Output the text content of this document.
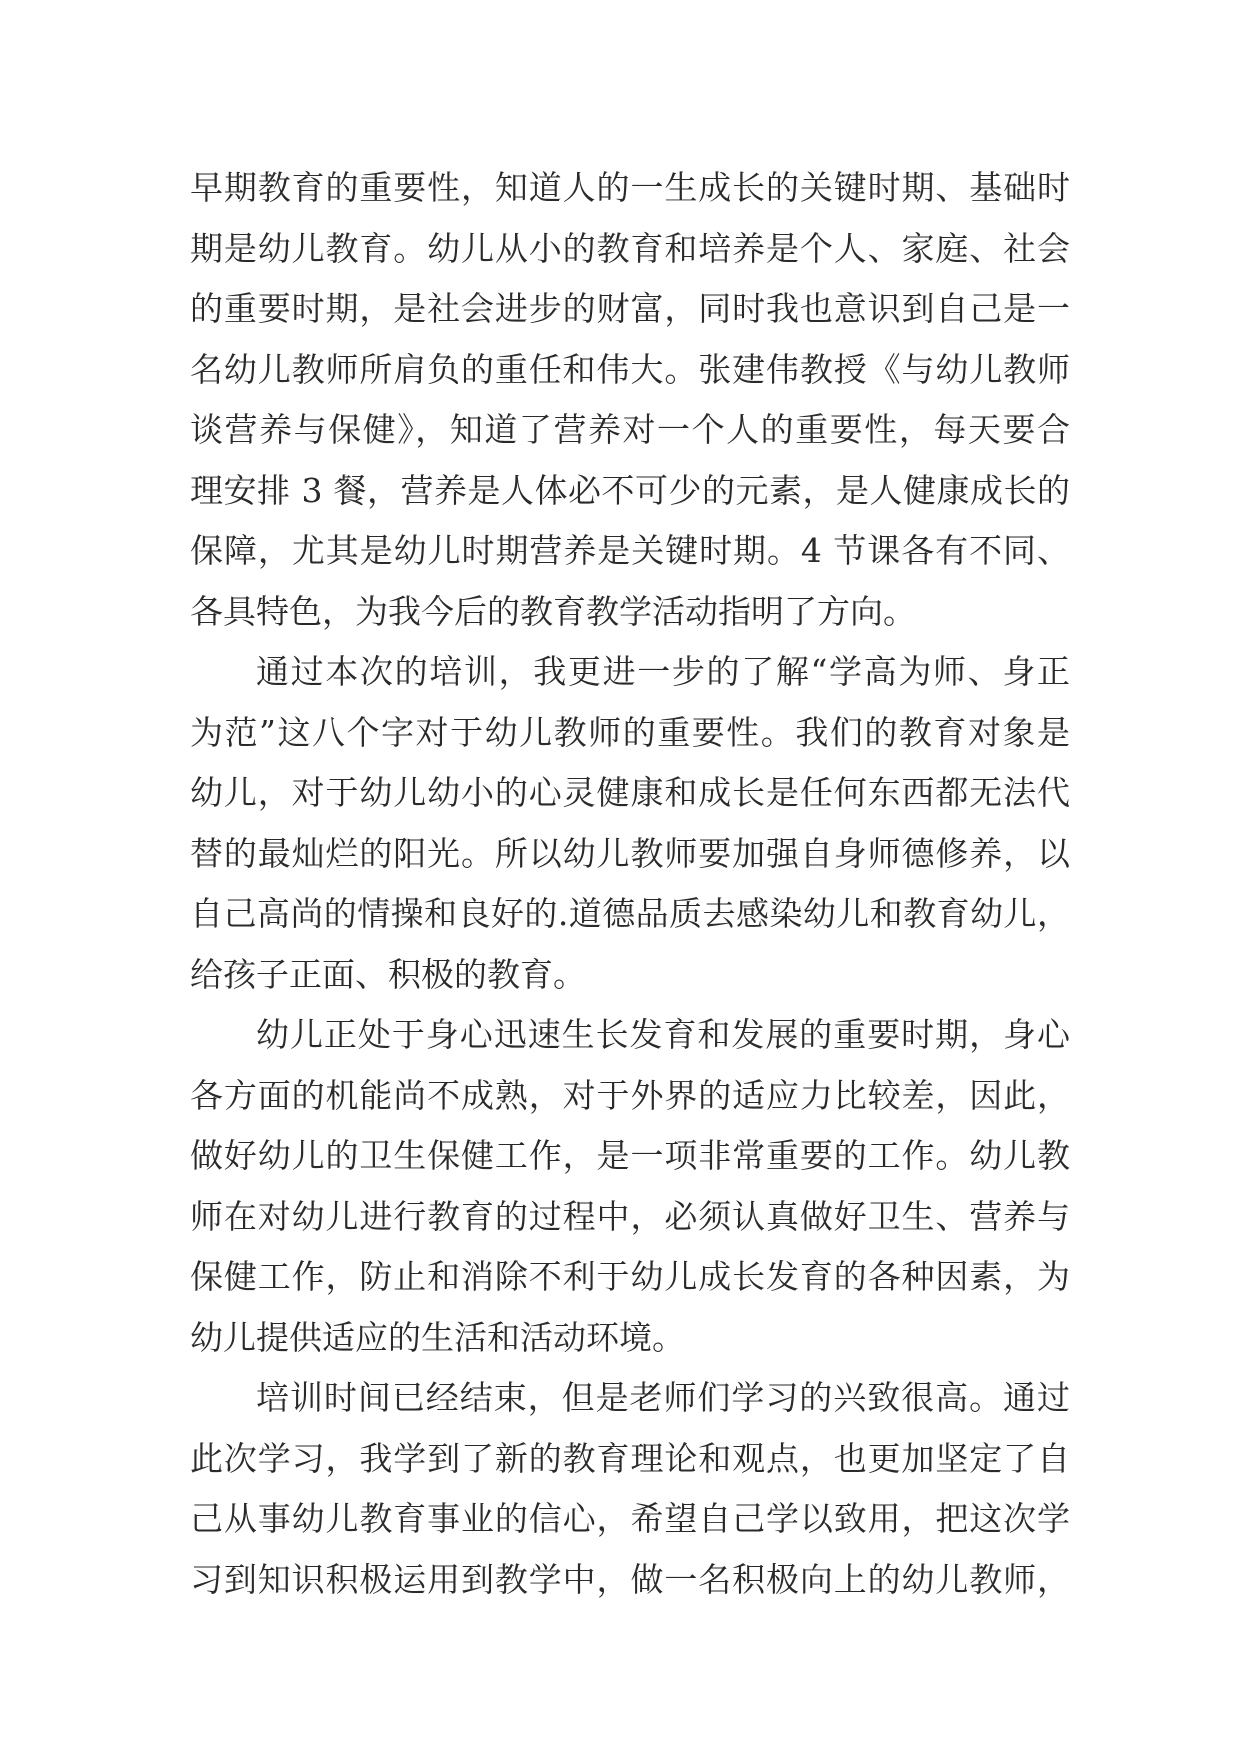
早期教育的重要性，知道人的一生成长的关键时期、基础时
期是幼儿教育。幼儿从小的教育和培养是个人、家庭、社会
的重要时期，是社会进步的财富，同时我也意识到自己是一
名幼儿教师所肩负的重任和伟大。张建伟教授《与幼儿教师
谈营养与保健》，知道了营养对一个人的重要性，每天要合
理安排 3 餐，营养是人体必不可少的元素，是人健康成长的
保障，尤其是幼儿时期营养是关键时期。4 节课各有不同、
各具特色，为我今后的教育教学活动指明了方向。
通过本次的培训，我更进一步的了解“学高为师、身正
为范”这八个字对于幼儿教师的重要性。我们的教育对象是
幼儿，对于幼儿幼小的心灵健康和成长是任何东西都无法代
替的最灿烂的阳光。所以幼儿教师要加强自身师德修养，以
自己高尚的情操和良好的.道德品质去感染幼儿和教育幼儿，
给孩子正面、积极的教育。
幼儿正处于身心迅速生长发育和发展的重要时期，身心
各方面的机能尚不成熟，对于外界的适应力比较差，因此，
做好幼儿的卫生保健工作，是一项非常重要的工作。幼儿教
师在对幼儿进行教育的过程中，必须认真做好卫生、营养与
保健工作，防止和消除不利于幼儿成长发育的各种因素，为
幼儿提供适应的生活和活动环境。
培训时间已经结束，但是老师们学习的兴致很高。通过
此次学习，我学到了新的教育理论和观点，也更加坚定了自
己从事幼儿教育事业的信心，希望自己学以致用，把这次学
习到知识积极运用到教学中，做一名积极向上的幼儿教师，
